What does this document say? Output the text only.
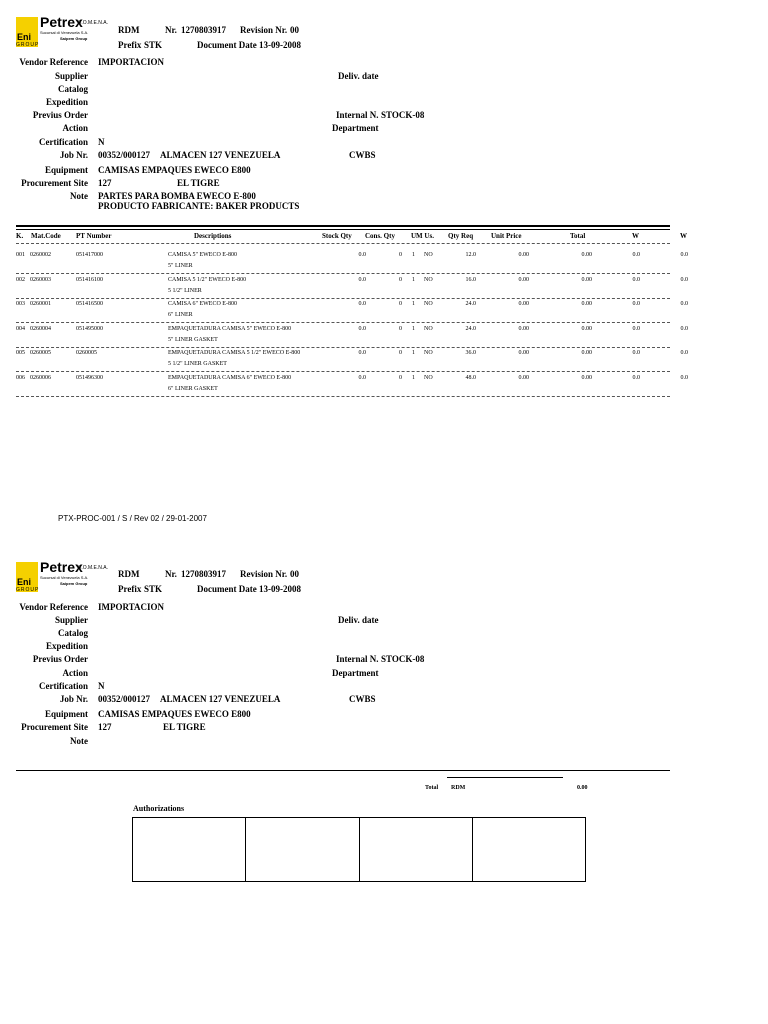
Eni
GROUP
Petrex
S.O.M.E.N.A.
Sucursal di Venezuela S.A.
Saipem Group
RDM	Nr. 1270803917 Revision Nr. 00
Prefix STK	Document Date 13-09-2008
Vendor Reference IMPORTACION
Supplier
Catalog
Expedition
Previus Order
Action
Certification N
Job Nr. 00352/000127 ALMACEN 127 VENEZUELA
Equipment CAMISAS EMPAQUES EWECO E800
Procurement Site 127	EL TIGRE
Note PARTES PARA BOMBA EWECO E-800
PRODUCTO FABRICANTE: BAKER PRODUCTS
Deliv. date
Internal N. STOCK-08
Department
CWBS
K. Mat.Code PT Number	Descriptions	Stock Qty Cons. Qty UM Us. Qty Req	Unit Price	Total	W	W
001 0260002	051417000	CAMISA 5" EWECO E-800	0.0	0 1 NO	12.0	0.00	0.00	0.0	0.0
5" LINER
002 0260003	051416100	CAMISA 5 1/2" EWECO E-800	0.0	0 1 NO	16.0	0.00	0.00	0.0	0.0
5 1/2" LINER
003 0260001	051416500	CAMISA 6" EWECO E-800	0.0	0 1 NO	24.0	0.00	0.00	0.0	0.0
6" LINER
004 0260004	051495000	EMPAQUETADURA CAMISA 5" EWECO E-800	0.0	0 1 NO	24.0	0.00	0.00	0.0	0.0
5" LINER GASKET
005 0260005	0260005	EMPAQUETADURA CAMISA 5 1/2" EWECO E-800	0.0	0 1 NO	36.0	0.00	0.00	0.0	0.0
5 1/2" LINER GASKET
006 0260006	051496300	EMPAQUETADURA CAMISA 6" EWECO E-800	0.0	0 1 NO	48.0	0.00	0.00	0.0	0.0
6" LINER GASKET
PTX-PROC-001 / S / Rev 02 / 29-01-2007
Eni
GROUP
Petrex
S.O.M.E.N.A.
Sucursal di Venezuela S.A.
Saipem Group
RDM	Nr. 1270803917 Revision Nr. 00
Prefix STK	Document Date 13-09-2008
Vendor Reference IMPORTACION
Supplier
Catalog
Expedition
Previus Order
Action
Certification N
Job Nr. 00352/000127 ALMACEN 127 VENEZUELA
Equipment CAMISAS EMPAQUES EWECO E800
Procurement Site 127	EL TIGRE
Note
Deliv. date
Internal N. STOCK-08
Department
CWBS
Total RDM	0.00
Authorizations
